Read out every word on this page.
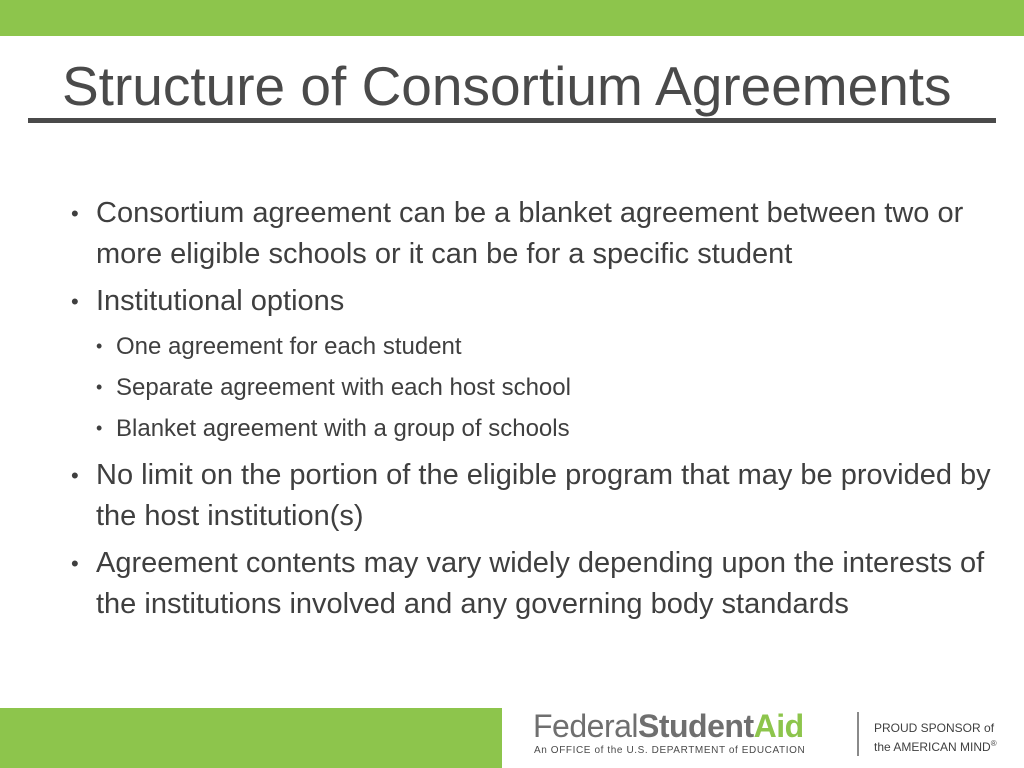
Structure of Consortium Agreements
• Consortium agreement can be a blanket agreement between two or more eligible schools or it can be for a specific student
• Institutional options
• One agreement for each student
• Separate agreement with each host school
• Blanket agreement with a group of schools
• No limit on the portion of the eligible program that may be provided by the host institution(s)
• Agreement contents may vary widely depending upon the interests of the institutions involved and any governing body standards
FederalStudentAid
An OFFICE of the U.S. DEPARTMENT of EDUCATION
PROUD SPONSOR of
the AMERICAN MIND®
